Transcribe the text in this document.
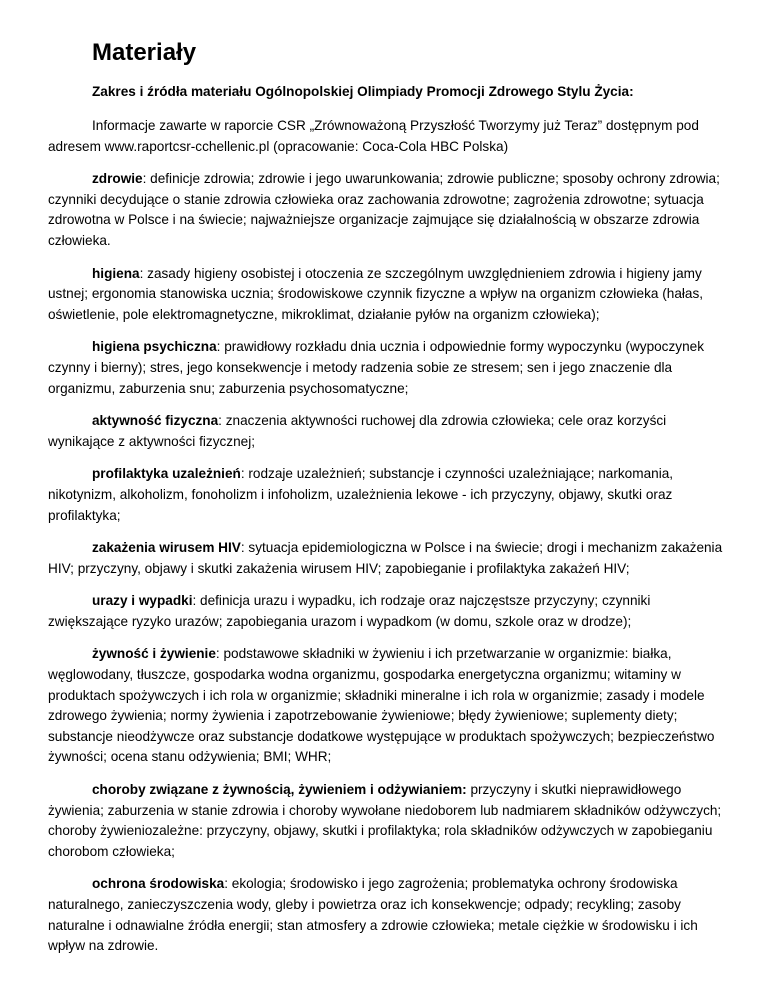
Materiały

Zakres i źródła materiału Ogólnopolskiej Olimpiady Promocji Zdrowego Stylu Życia:

Informacje zawarte w raporcie CSR „Zrównoważoną Przyszłość Tworzymy już Teraz” dostępnym pod adresem www.raportcsr-cchellenic.pl (opracowanie: Coca-Cola HBC Polska)

zdrowie: definicje zdrowia; zdrowie i jego uwarunkowania; zdrowie publiczne; sposoby ochrony zdrowia; czynniki decydujące o stanie zdrowia człowieka oraz zachowania zdrowotne; zagrożenia zdrowotne; sytuacja zdrowotna w Polsce i na świecie; najważniejsze organizacje zajmujące się działalnością w obszarze zdrowia człowieka.

higiena: zasady higieny osobistej i otoczenia ze szczególnym uwzględnieniem zdrowia i higieny jamy ustnej; ergonomia stanowiska ucznia; środowiskowe czynnik fizyczne a wpływ na organizm człowieka (hałas, oświetlenie, pole elektromagnetyczne, mikroklimat, działanie pyłów na organizm człowieka);

higiena psychiczna: prawidłowy rozkładu dnia ucznia i odpowiednie formy wypoczynku (wypoczynek czynny i bierny); stres, jego konsekwencje i metody radzenia sobie ze stresem; sen i jego znaczenie dla organizmu, zaburzenia snu; zaburzenia psychosomatyczne;

aktywność fizyczna: znaczenia aktywności ruchowej dla zdrowia człowieka; cele oraz korzyści wynikające z aktywności fizycznej;

profilaktyka uzależnień: rodzaje uzależnień; substancje i czynności uzależniające; narkomania, nikotynizm, alkoholizm, fonoholizm i infoholizm, uzależnienia lekowe - ich przyczyny, objawy, skutki oraz profilaktyka;

zakażenia wirusem HIV: sytuacja epidemiologiczna w Polsce i na świecie; drogi i mechanizm zakażenia HIV; przyczyny, objawy i skutki zakażenia wirusem HIV; zapobieganie i profilaktyka zakażeń HIV;

urazy i wypadki: definicja urazu i wypadku, ich rodzaje oraz najczęstsze przyczyny; czynniki zwiększające ryzyko urazów; zapobiegania urazom i wypadkom (w domu, szkole oraz w drodze);

żywność i żywienie: podstawowe składniki w żywieniu i ich przetwarzanie w organizmie: białka, węglowodany, tłuszcze, gospodarka wodna organizmu, gospodarka energetyczna organizmu; witaminy w produktach spożywczych i ich rola w organizmie; składniki mineralne i ich rola w organizmie; zasady i modele zdrowego żywienia; normy żywienia i zapotrzebowanie żywieniowe; błędy żywieniowe; suplementy diety; substancje nieodżywcze oraz substancje dodatkowe występujące w produktach spożywczych; bezpieczeństwo żywności; ocena stanu odżywienia; BMI; WHR;

choroby związane z żywnością, żywieniem i odżywianiem: przyczyny i skutki nieprawidłowego żywienia; zaburzenia w stanie zdrowia i choroby wywołane niedoborem lub nadmiarem składników odżywczych; choroby żywieniozależne: przyczyny, objawy, skutki i profilaktyka; rola składników odżywczych w zapobieganiu chorobom człowieka;

ochrona środowiska: ekologia; środowisko i jego zagrożenia; problematyka ochrony środowiska naturalnego, zanieczyszczenia wody, gleby i powietrza oraz ich konsekwencje; odpady; recykling; zasoby naturalne i odnawialne źródła energii; stan atmosfery a zdrowie człowieka; metale ciężkie w środowisku i ich wpływ na zdrowie.
